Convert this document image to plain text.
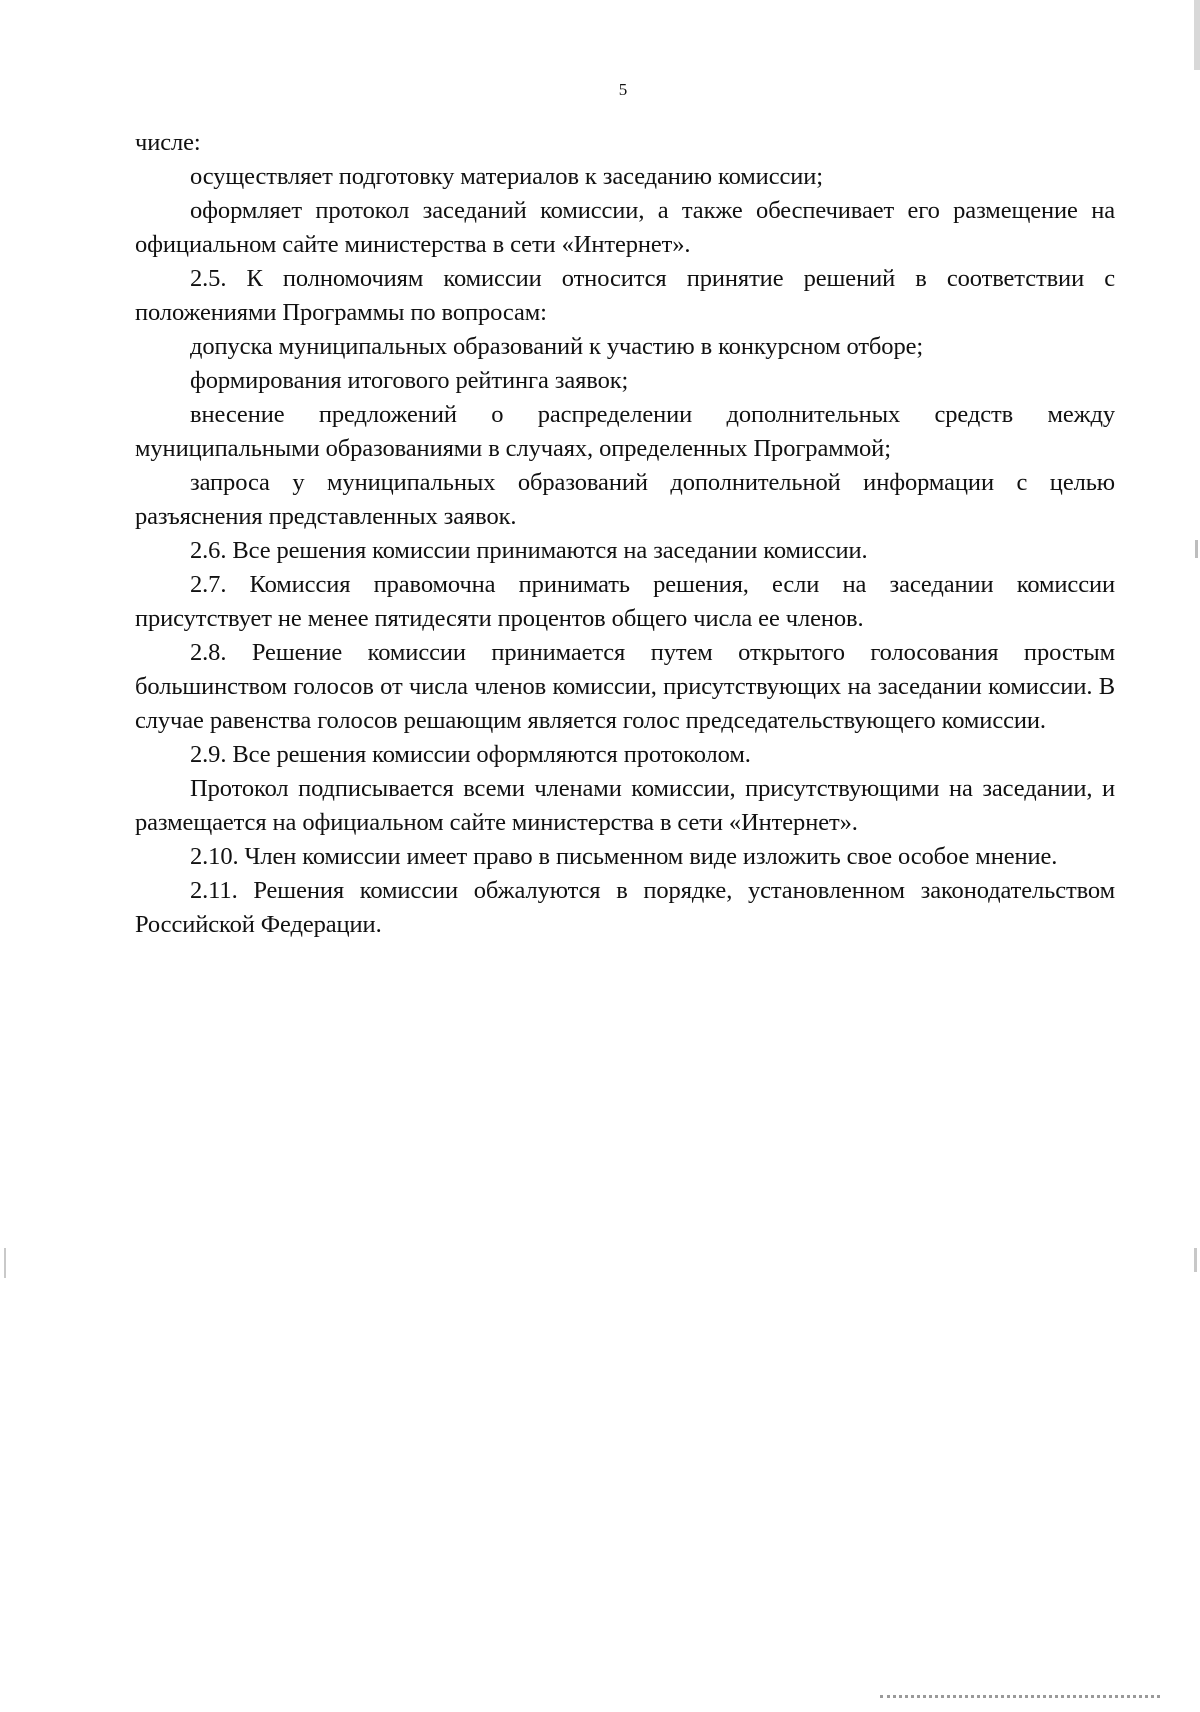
5

числе:

осуществляет подготовку материалов к заседанию комиссии;

оформляет протокол заседаний комиссии, а также обеспечивает его размещение на официальном сайте министерства в сети «Интернет».

2.5. К полномочиям комиссии относится принятие решений в соответствии с положениями Программы по вопросам:

допуска муниципальных образований к участию в конкурсном отборе;

формирования итогового рейтинга заявок;

внесение предложений о распределении дополнительных средств между муниципальными образованиями в случаях, определенных Программой;

запроса у муниципальных образований дополнительной информации с целью разъяснения представленных заявок.

2.6. Все решения комиссии принимаются на заседании комиссии.

2.7. Комиссия правомочна принимать решения, если на заседании комиссии присутствует не менее пятидесяти процентов общего числа ее членов.

2.8. Решение комиссии принимается путем открытого голосования простым большинством голосов от числа членов комиссии, присутствующих на заседании комиссии. В случае равенства голосов решающим является голос председательствующего комиссии.

2.9. Все решения комиссии оформляются протоколом.

Протокол подписывается всеми членами комиссии, присутствующими на заседании, и размещается на официальном сайте министерства в сети «Интернет».

2.10. Член комиссии имеет право в письменном виде изложить свое особое мнение.

2.11. Решения комиссии обжалуются в порядке, установленном законодательством Российской Федерации.
